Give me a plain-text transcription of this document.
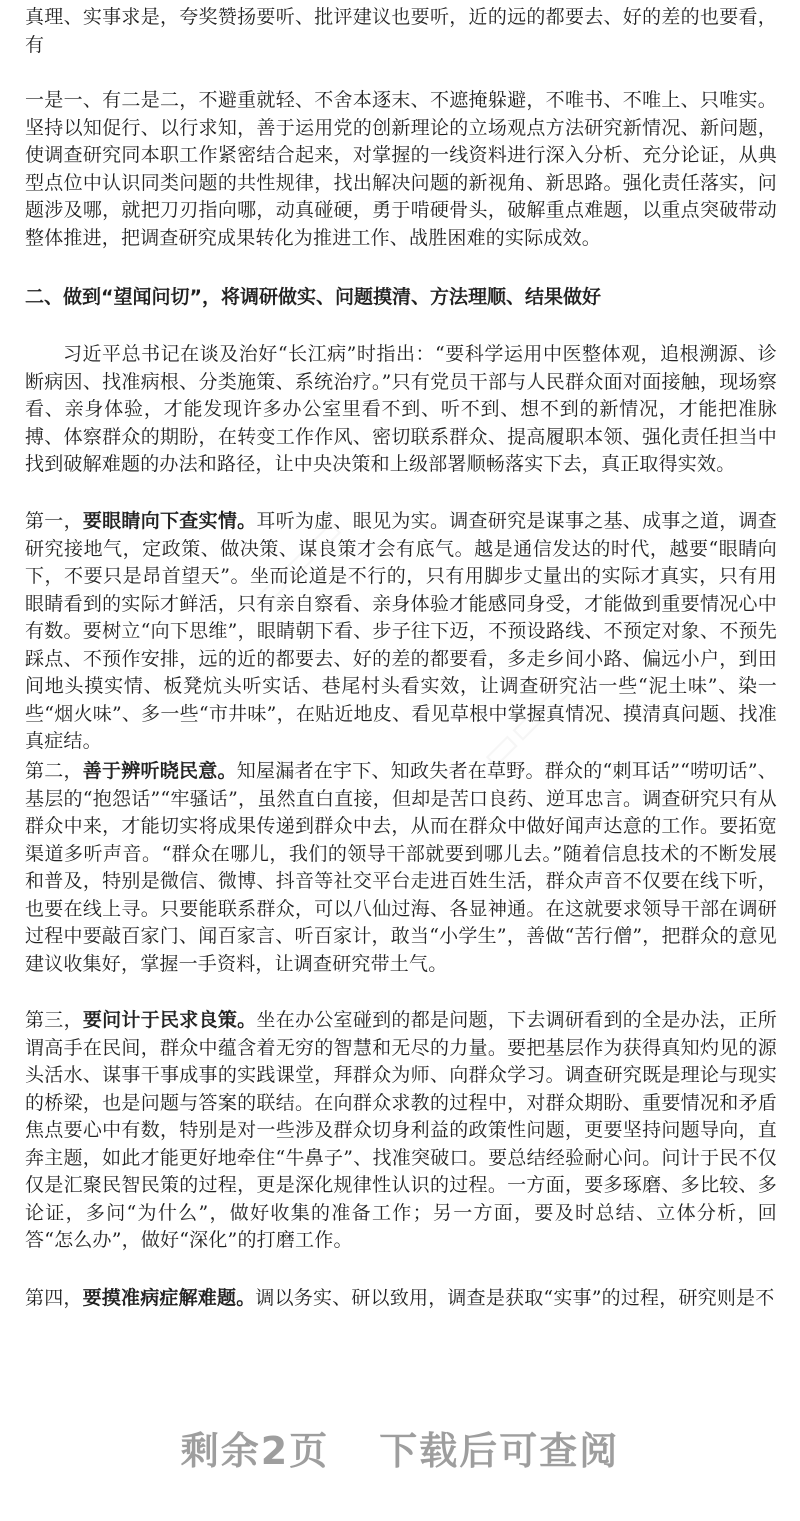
真理、实事求是，夸奖赞扬要听、批评建议也要听，近的远的都要去、好的差的也要看，有
一是一、有二是二，不避重就轻、不舍本逐末、不遮掩躲避，不唯书、不唯上、只唯实。坚持以知促行、以行求知，善于运用党的创新理论的立场观点方法研究新情况、新问题，使调查研究同本职工作紧密结合起来，对掌握的一线资料进行深入分析、充分论证，从典型点位中认识同类问题的共性规律，找出解决问题的新视角、新思路。强化责任落实，问题涉及哪，就把刀刃指向哪，动真碰硬，勇于啃硬骨头，破解重点难题，以重点突破带动整体推进，把调查研究成果转化为推进工作、战胜困难的实际成效。
二、做到“望闻问切”，将调研做实、问题摸清、方法理顺、结果做好
习近平总书记在谈及治好“长江病”时指出：“要科学运用中医整体观，追根溯源、诊断病因、找准病根、分类施策、系统治疗。”只有党员干部与人民群众面对面接触，现场察看、亲身体验，才能发现许多办公室里看不到、听不到、想不到的新情况，才能把准脉搏、体察群众的期盼，在转变工作作风、密切联系群众、提高履职本领、强化责任担当中找到破解难题的办法和路径，让中央决策和上级部署顺畅落实下去，真正取得实效。
第一，要眼睛向下查实情。耳听为虚、眼见为实。调查研究是谋事之基、成事之道，调查研究接地气，定政策、做决策、谋良策才会有底气。越是通信发达的时代，越要“眼睛向下，不要只是昂首望天”。坐而论道是不行的，只有用脚步丈量出的实际才真实，只有用眼睛看到的实际才鲜活，只有亲自察看、亲身体验才能感同身受，才能做到重要情况心中有数。要树立“向下思维”，眼睛朝下看、步子往下迈，不预设路线、不预定对象、不预先踩点、不预作安排，远的近的都要去、好的差的都要看，多走乡间小路、偏远小户，到田间地头摸实情、板凳炕头听实话、巷尾村头看实效，让调查研究沾一些“泥土味”、染一些“烟火味”、多一些“市井味”，在贴近地皮、看见草根中掌握真情况、摸清真问题、找准真症结。
第二，善于辨听晓民意。知屋漏者在宇下、知政失者在草野。群众的“刺耳话”“唠叨话”、基层的“抱怨话”“牢骚话”，虽然直白直接，但却是苦口良药、逆耳忠言。调查研究只有从群众中来，才能切实将成果传递到群众中去，从而在群众中做好闻声达意的工作。要拓宽渠道多听声音。“群众在哪儿，我们的领导干部就要到哪儿去。”随着信息技术的不断发展和普及，特别是微信、微博、抖音等社交平台走进百姓生活，群众声音不仅要在线下听，也要在线上寻。只要能联系群众，可以八仙过海、各显神通。在这就要求领导干部在调研过程中要敲百家门、闻百家言、听百家计，敢当“小学生”，善做“苦行僧”，把群众的意见建议收集好，掌握一手资料，让调查研究带土气。
第三，要问计于民求良策。坐在办公室碰到的都是问题，下去调研看到的全是办法，正所谓高手在民间，群众中蕴含着无穷的智慧和无尽的力量。要把基层作为获得真知灼见的源头活水、谋事干事成事的实践课堂，拜群众为师、向群众学习。调查研究既是理论与现实的桥梁，也是问题与答案的联结。在向群众求教的过程中，对群众期盼、重要情况和矛盾焦点要心中有数，特别是对一些涉及群众切身利益的政策性问题，更要坚持问题导向，直奔主题，如此才能更好地牵住“牛鼻子”、找准突破口。要总结经验耐心问。问计于民不仅仅是汇聚民智民策的过程，更是深化规律性认识的过程。一方面，要多琢磨、多比较、多论证，多问“为什么”，做好收集的准备工作；另一方面，要及时总结、立体分析，回答“怎么办”，做好“深化”的打磨工作。
第四，要摸准病症解难题。调以务实、研以致用，调查是获取“实事”的过程，研究则是不
剩余2页 下载后可查阅
